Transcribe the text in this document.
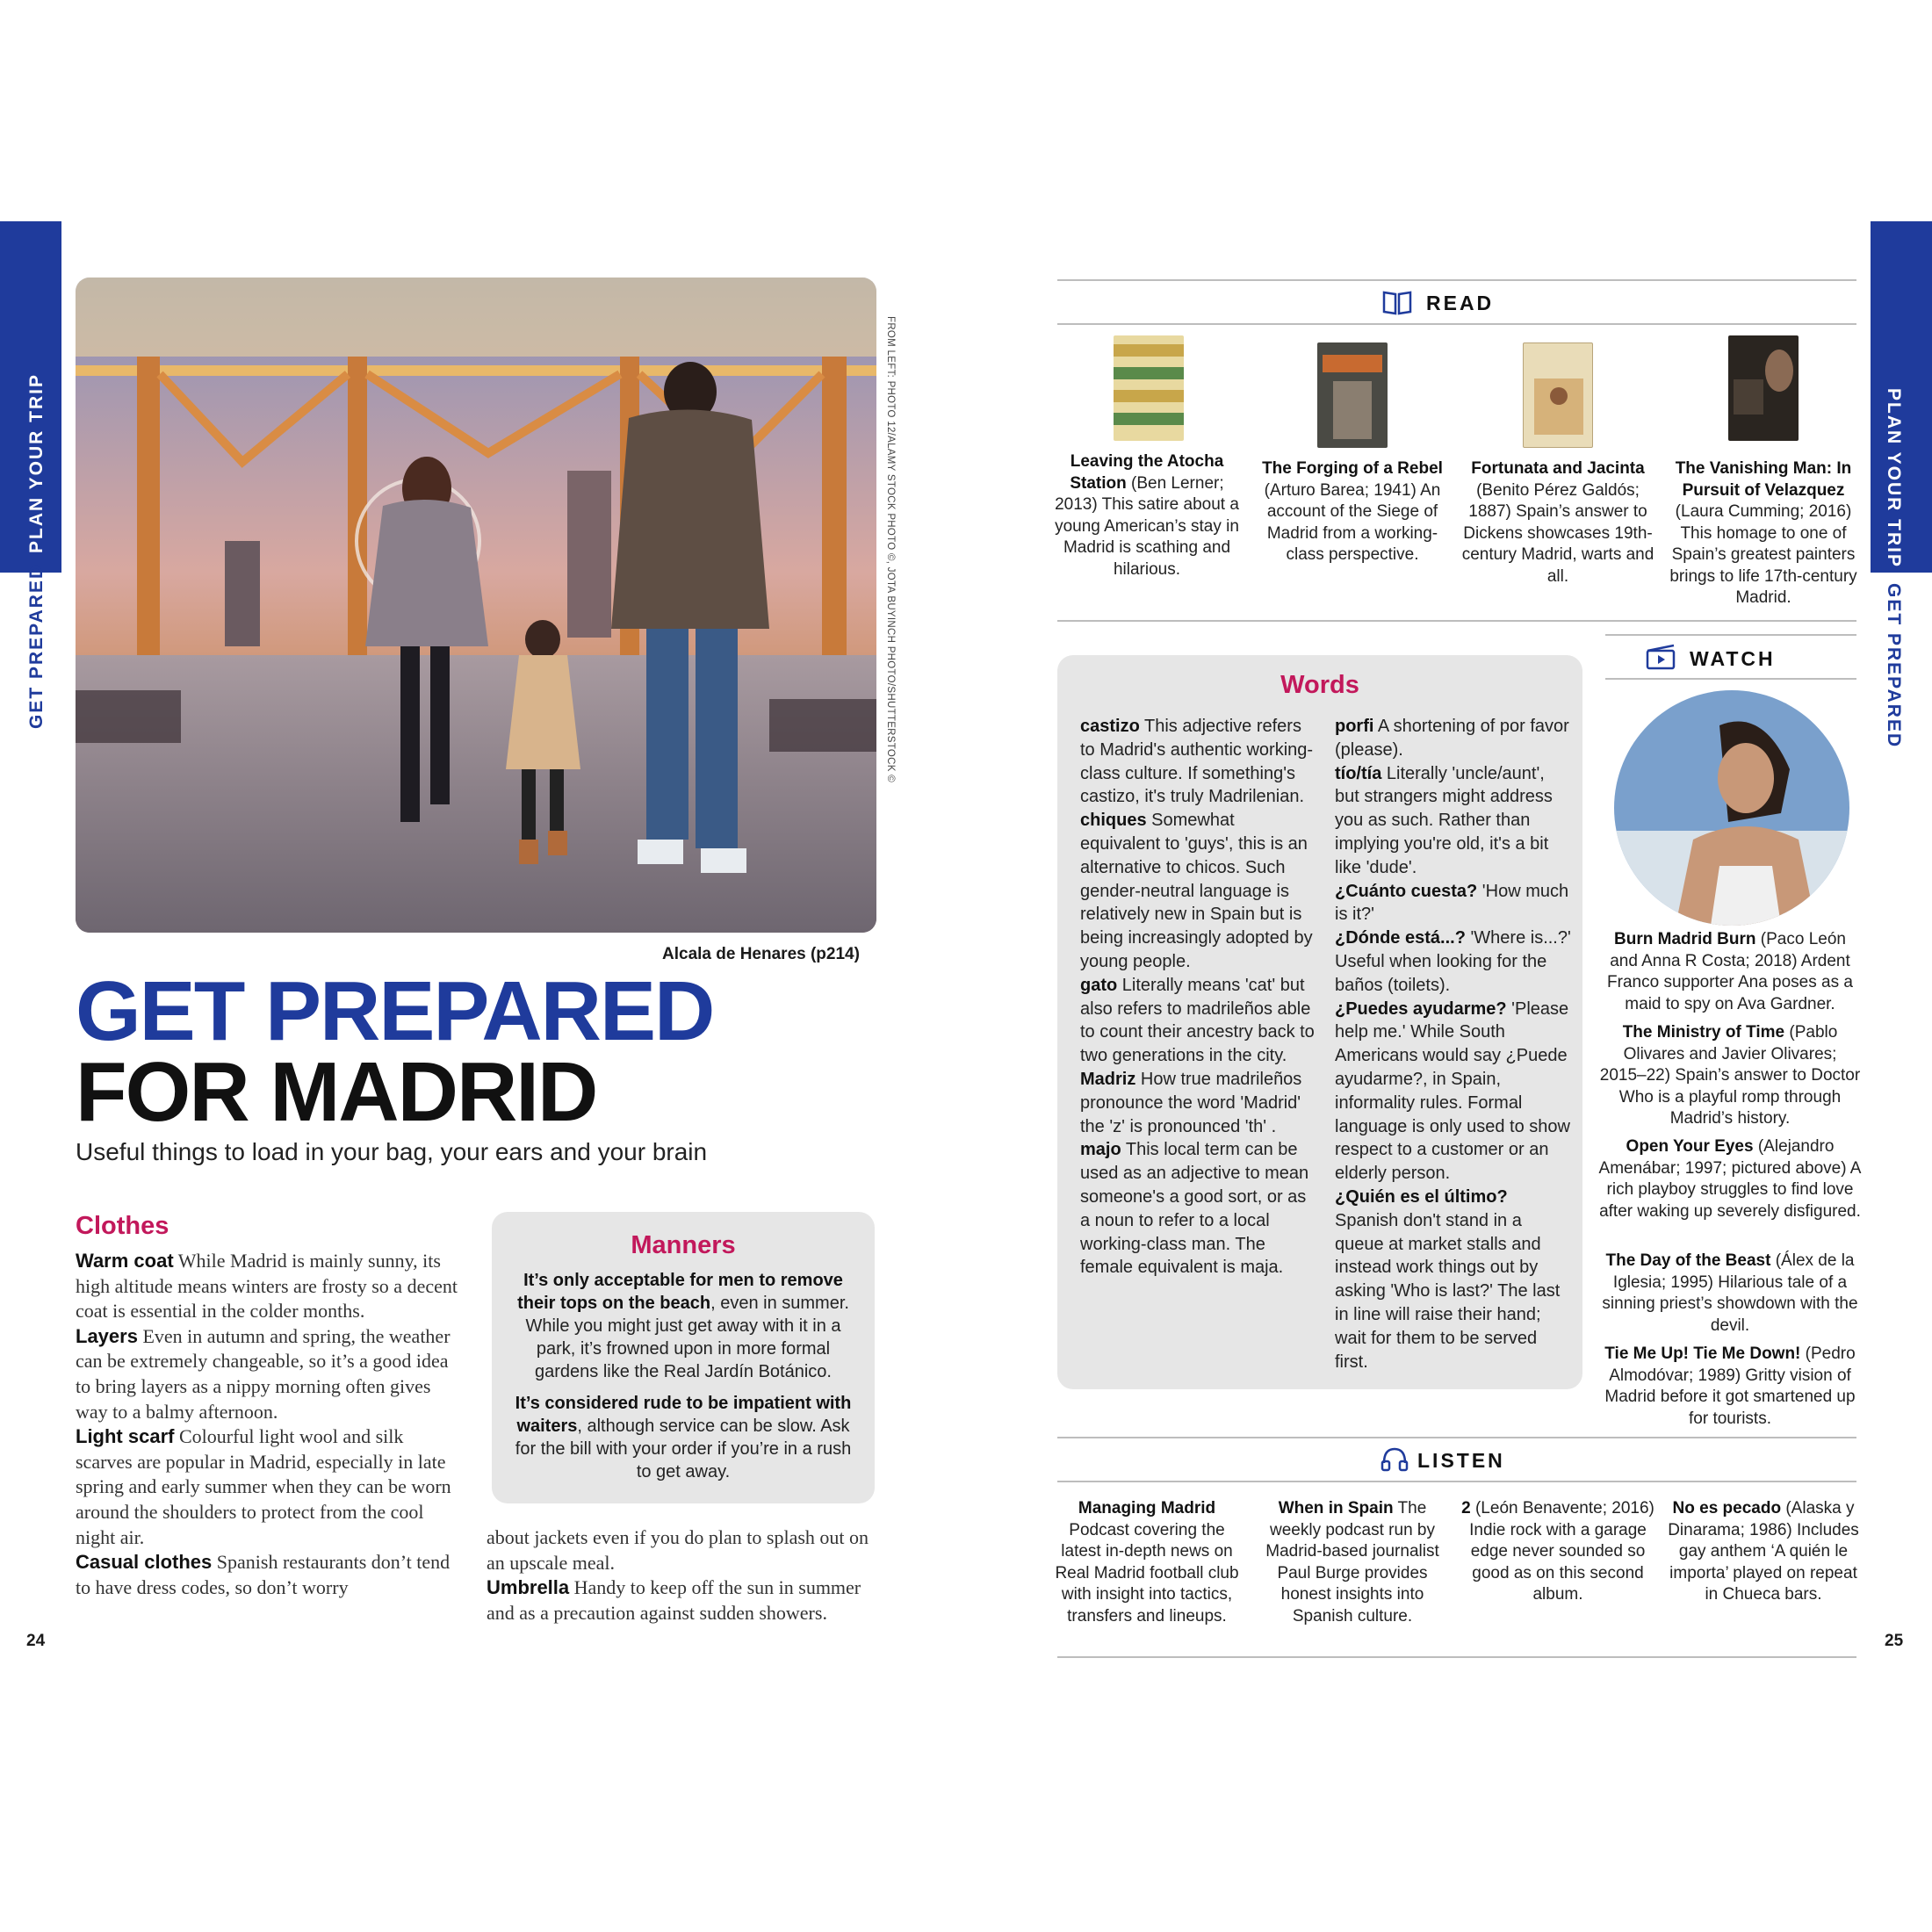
PLAN YOUR TRIP
GET PREPARED
PLAN YOUR TRIP
GET PREPARED
FROM LEFT: PHOTO 12/ALAMY STOCK PHOTO ©, JOTA BUYINCH PHOTO/SHUTTERSTOCK ©
Alcala de Henares (p214)
GET PREPARED
FOR MADRID
Useful things to load in your bag, your ears and your brain
Clothes
Warm coat While Madrid is mainly sunny, its high altitude means winters are frosty so a decent coat is essential in the colder months.
Layers Even in autumn and spring, the weather can be extremely changeable, so it’s a good idea to bring layers as a nippy morning often gives way to a balmy afternoon.
Light scarf Colourful light wool and silk scarves are popular in Madrid, especially in late spring and early summer when they can be worn around the shoulders to protect from the cool night air.
Casual clothes Spanish restaurants don’t tend to have dress codes, so don’t worry
about jackets even if you do plan to splash out on an upscale meal.
Umbrella Handy to keep off the sun in summer and as a precaution against sudden showers.
Manners

It’s only acceptable for men to remove their tops on the beach, even in summer. While you might just get away with it in a park, it’s frowned upon in more formal gardens like the Real Jardín Botánico.

It’s considered rude to be impatient with waiters, although service can be slow. Ask for the bill with your order if you’re in a rush to get away.

24	25
READ
Leaving the Atocha Station (Ben Lerner; 2013) This satire about a young American’s stay in Madrid is scathing and hilarious.
The Forging of a Rebel (Arturo Barea; 1941) An account of the Siege of Madrid from a working-class perspective.
Fortunata and Jacinta (Benito Pérez Galdós; 1887) Spain’s answer to Dickens showcases 19th-century Madrid, warts and all.
The Vanishing Man: In Pursuit of Velazquez (Laura Cumming; 2016) This homage to one of Spain’s greatest painters brings to life 17th-century Madrid.
Words
castizo This adjective refers to Madrid's authentic working-class culture. If something's castizo, it's truly Madrilenian.
chiques Somewhat equivalent to 'guys', this is an alternative to chicos. Such gender-neutral language is relatively new in Spain but is being increasingly adopted by young people.
gato Literally means 'cat' but also refers to madrileños able to count their ancestry back to two generations in the city.
Madriz How true madrileños pronounce the word 'Madrid' the 'z' is pronounced 'th' .
majo This local term can be used as an adjective to mean someone's a good sort, or as a noun to refer to a local working-class man. The female equivalent is maja.
porfi A shortening of por favor (please).
tío/tía Literally 'uncle/aunt', but strangers might address you as such. Rather than implying you're old, it's a bit like 'dude'.
¿Cuánto cuesta? 'How much is it?'
¿Dónde está...? 'Where is...?' Useful when looking for the baños (toilets).
¿Puedes ayudarme? 'Please help me.' While South Americans would say ¿Puede ayudarme?, in Spain, informality rules. Formal language is only used to show respect to a customer or an elderly person.
¿Quién es el último? Spanish don't stand in a queue at market stalls and instead work things out by asking 'Who is last?' The last in line will raise their hand; wait for them to be served first.
WATCH
Burn Madrid Burn (Paco León and Anna R Costa; 2018) Ardent Franco supporter Ana poses as a maid to spy on Ava Gardner.
The Ministry of Time (Pablo Olivares and Javier Olivares; 2015–22) Spain’s answer to Doctor Who is a playful romp through Madrid’s history.
Open Your Eyes (Alejandro Amenábar; 1997; pictured above) A rich playboy struggles to find love after waking up severely disfigured.
The Day of the Beast (Álex de la Iglesia; 1995) Hilarious tale of a sinning priest’s showdown with the devil.
Tie Me Up! Tie Me Down! (Pedro Almodóvar; 1989) Gritty vision of Madrid before it got smartened up for tourists.
LISTEN
Managing Madrid Podcast covering the latest in-depth news on Real Madrid football club with insight into tactics, transfers and lineups.
When in Spain The weekly podcast run by Madrid-based journalist Paul Burge provides honest insights into Spanish culture.
2 (León Benavente; 2016) Indie rock with a garage edge never sounded so good as on this second album.
No es pecado (Alaska y Dinarama; 1986) Includes gay anthem ‘A quién le importa’ played on repeat in Chueca bars.
